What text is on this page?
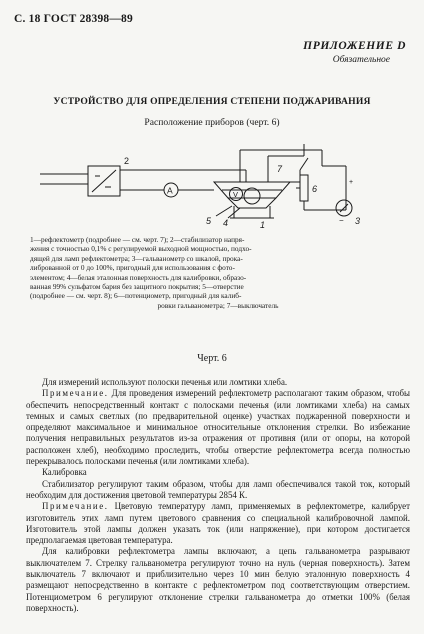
С. 18 ГОСТ 28398—89
ПРИЛОЖЕНИЕ D
Обязательное
УСТРОЙСТВО ДЛЯ ОПРЕДЕЛЕНИЯ СТЕПЕНИ ПОДЖАРИВАНИЯ
Расположение приборов (черт. 6)
2
A	V
7
6
3
+
−
5 4	1
1—рефлектометр (подробнее — см. черт. 7); 2—стабилизатор напря-
жения с точностью 0,1% с регулируемой выходной мощностью, подхо-
дящей для ламп рефлектометра; 3—гальванометр со шкалой, прока-
либрованной от 0 до 100%, пригодный для использования с фото-
элементом; 4—белая эталонная поверхность для калибровки, образо-
ванная 99% сульфатом бария без защитного покрытия; 5—отверстие
(подробнее — см. черт. 8); 6—потенциометр, пригодный для калиб-
ровки гальванометра; 7—выключатель
Черт. 6

Для измерений используют полоски печенья или ломтики хлеба.

Примечание. Для проведения измерений рефлектометр располагают таким образом, чтобы обеспечить непосредственный контакт с полосками печенья (или ломтиками хлеба) на самых темных и самых светлых (по предварительной оценке) участках поджаренной поверхности и определяют максимальное и минимальное относительные отклонения стрелки. Во избежание получения неправильных результатов из-за отражения от противня (или от опоры, на которой расположен хлеб), необходимо проследить, чтобы отверстие рефлектометра всегда полностью перекрывалось полосками печенья (или ломтиками хлеба).

Калибровка

Стабилизатор регулируют таким образом, чтобы для ламп обеспечивался такой ток, который необходим для достижения цветовой температуры 2854 К.

Примечание. Цветовую температуру ламп, применяемых в рефлектометре, калибрует изготовитель этих ламп путем цветового сравнения со специальной калибровочной лампой. Изготовитель этой лампы должен указать ток (или напряжение), при котором достигается предполагаемая цветовая температура.

Для калибровки рефлектометра лампы включают, а цепь гальванометра разрывают выключателем 7. Стрелку гальванометра регулируют точно на нуль (черная поверхность). Затем выключатель 7 включают и приблизительно через 10 мин белую эталонную поверхность 4 размещают непосредственно в контакте с рефлектометром под соответствующим отверстием. Потенциометром 6 регулируют отклонение стрелки гальванометра до отметки 100% (белая поверхность).
